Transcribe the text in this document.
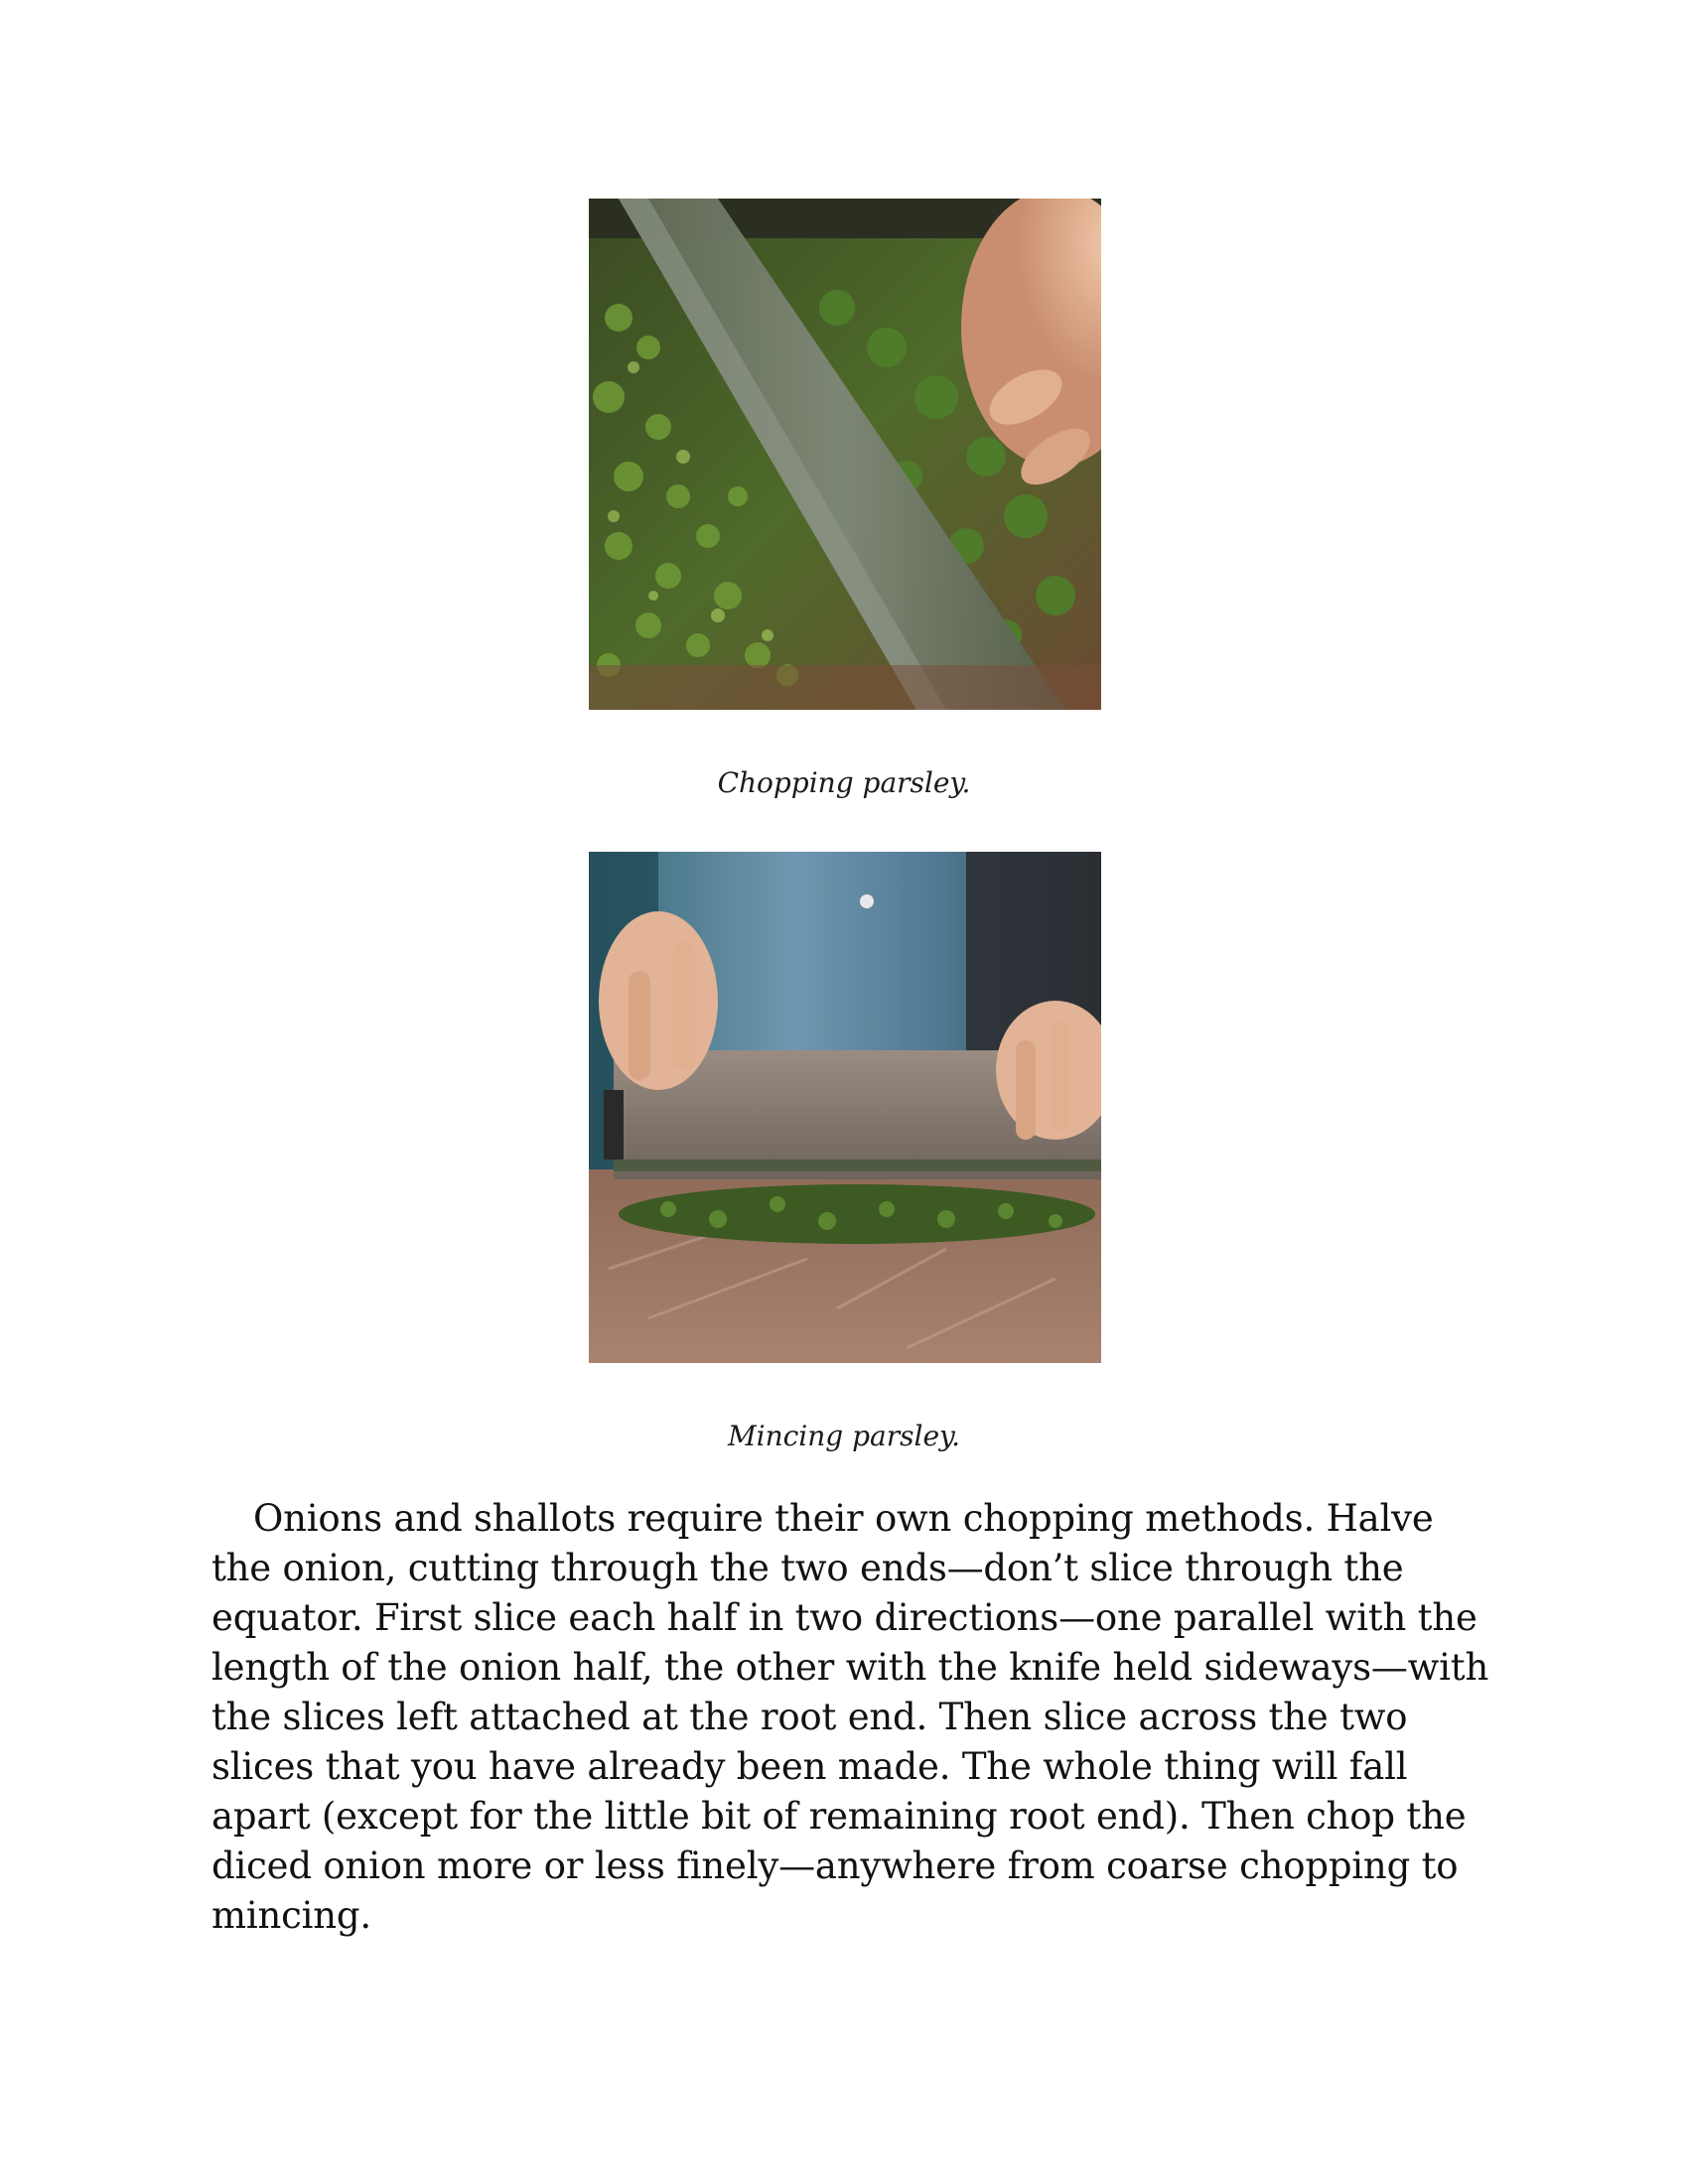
Chopping parsley.
Mincing parsley.

Onions and shallots require their own chopping methods. Halve the onion, cutting through the two ends—don’t slice through the equator. First slice each half in two directions—one parallel with the length of the onion half, the other with the knife held sideways—with the slices left attached at the root end. Then slice across the two slices that you have already been made. The whole thing will fall apart (except for the little bit of remaining root end). Then chop the diced onion more or less finely—anywhere from coarse chopping to mincing.
